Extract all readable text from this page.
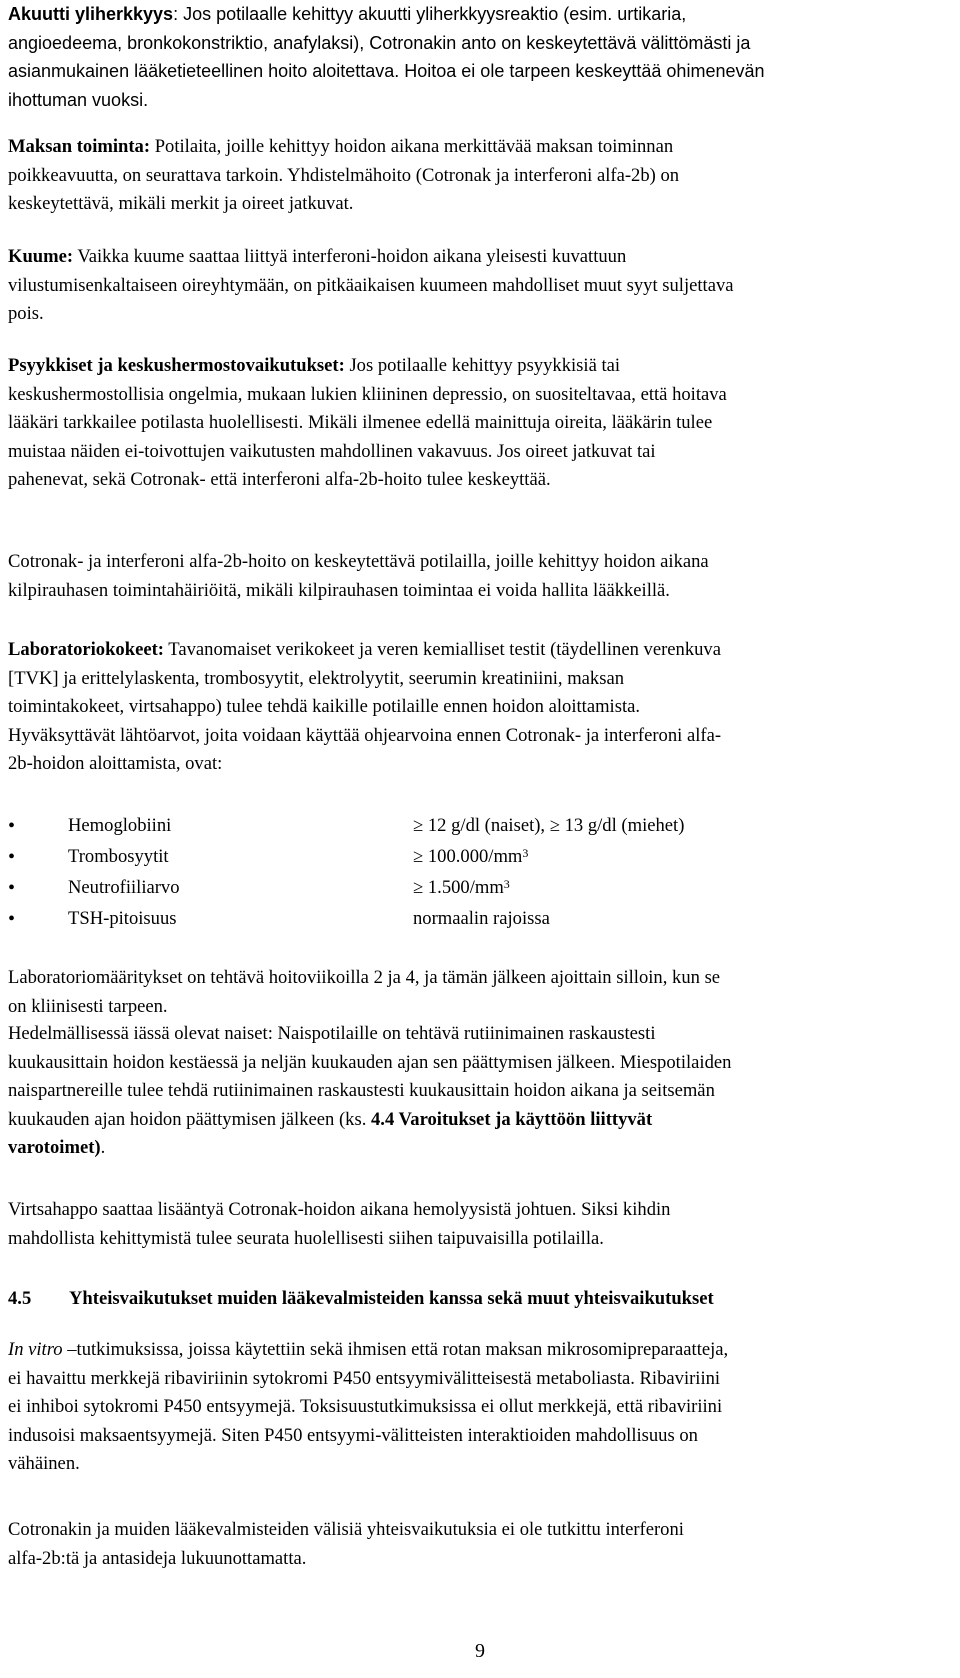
Akuutti yliherkkyys: Jos potilaalle kehittyy akuutti yliherkkyysreaktio (esim. urtikaria,
angioedeema, bronkokonstriktio, anafylaksi), Cotronakin anto on keskeytettävä välittömästi ja
asianmukainen lääketieteellinen hoito aloitettava. Hoitoa ei ole tarpeen keskeyttää ohimenevän
ihottuman vuoksi.
Maksan toiminta: Potilaita, joille kehittyy hoidon aikana merkittävää maksan toiminnan
poikkeavuutta, on seurattava tarkoin. Yhdistelmähoito (Cotronak ja interferoni alfa-2b) on
keskeytettävä, mikäli merkit ja oireet jatkuvat.
Kuume: Vaikka kuume saattaa liittyä interferoni-hoidon aikana yleisesti kuvattuun
vilustumisenkaltaiseen oireyhtymään, on pitkäaikaisen kuumeen mahdolliset muut syyt suljettava
pois.
Psyykkiset ja keskushermostovaikutukset: Jos potilaalle kehittyy psyykkisiä tai
keskushermostollisia ongelmia, mukaan lukien kliininen depressio, on suositeltavaa, että hoitava
lääkäri tarkkailee potilasta huolellisesti. Mikäli ilmenee edellä mainittuja oireita, lääkärin tulee
muistaa näiden ei-toivottujen vaikutusten mahdollinen vakavuus. Jos oireet jatkuvat tai
pahenevat, sekä Cotronak- että interferoni alfa-2b-hoito tulee keskeyttää.
Cotronak- ja interferoni alfa-2b-hoito on keskeytettävä potilailla, joille kehittyy hoidon aikana
kilpirauhasen toimintahäiriöitä, mikäli kilpirauhasen toimintaa ei voida hallita lääkkeillä.
Laboratoriokokeet: Tavanomaiset verikokeet ja veren kemialliset testit (täydellinen verenkuva
[TVK] ja erittelylaskenta, trombosyytit, elektrolyytit, seerumin kreatiniini, maksan
toimintakokeet, virtsahappo) tulee tehdä kaikille potilaille ennen hoidon aloittamista.
Hyväksyttävät lähtöarvot, joita voidaan käyttää ohjearvoina ennen Cotronak- ja interferoni alfa-
2b-hoidon aloittamista, ovat:
•	Hemoglobiini	≥ 12 g/dl (naiset), ≥ 13 g/dl (miehet)
•	Trombosyytit	≥ $100.000/mm^3$
•	Neutrofiiliarvo	≥ $1.500/mm^3$
•	TSH-pitoisuus	normaalin rajoissa
Laboratoriomääritykset on tehtävä hoitoviikoilla 2 ja 4, ja tämän jälkeen ajoittain silloin, kun se
on kliinisesti tarpeen.
Hedelmällisessä iässä olevat naiset: Naispotilaille on tehtävä rutiinimainen raskaustesti
kuukausittain hoidon kestäessä ja neljän kuukauden ajan sen päättymisen jälkeen. Miespotilaiden
naispartnereille tulee tehdä rutiinimainen raskaustesti kuukausittain hoidon aikana ja seitsemän
kuukauden ajan hoidon päättymisen jälkeen (ks. 4.4 Varoitukset ja käyttöön liittyvät
varotoimet).
Virtsahappo saattaa lisääntyä Cotronak-hoidon aikana hemolyysistä johtuen. Siksi kihdin
mahdollista kehittymistä tulee seurata huolellisesti siihen taipuvaisilla potilailla.
4.5 Yhteisvaikutukset muiden lääkevalmisteiden kanssa sekä muut yhteisvaikutukset
In vitro –tutkimuksissa, joissa käytettiin sekä ihmisen että rotan maksan mikrosomipreparaatteja,
ei havaittu merkkejä ribaviriinin sytokromi P450 entsyymivälitteisestä metaboliasta. Ribaviriini
ei inhiboi sytokromi P450 entsyymejä. Toksisuustutkimuksissa ei ollut merkkejä, että ribaviriini
indusoisi maksaentsyymejä. Siten P450 entsyymi-välitteisten interaktioiden mahdollisuus on
vähäinen.
Cotronakin ja muiden lääkevalmisteiden välisiä yhteisvaikutuksia ei ole tutkittu interferoni
alfa-2b:tä ja antasideja lukuunottamatta.
9
